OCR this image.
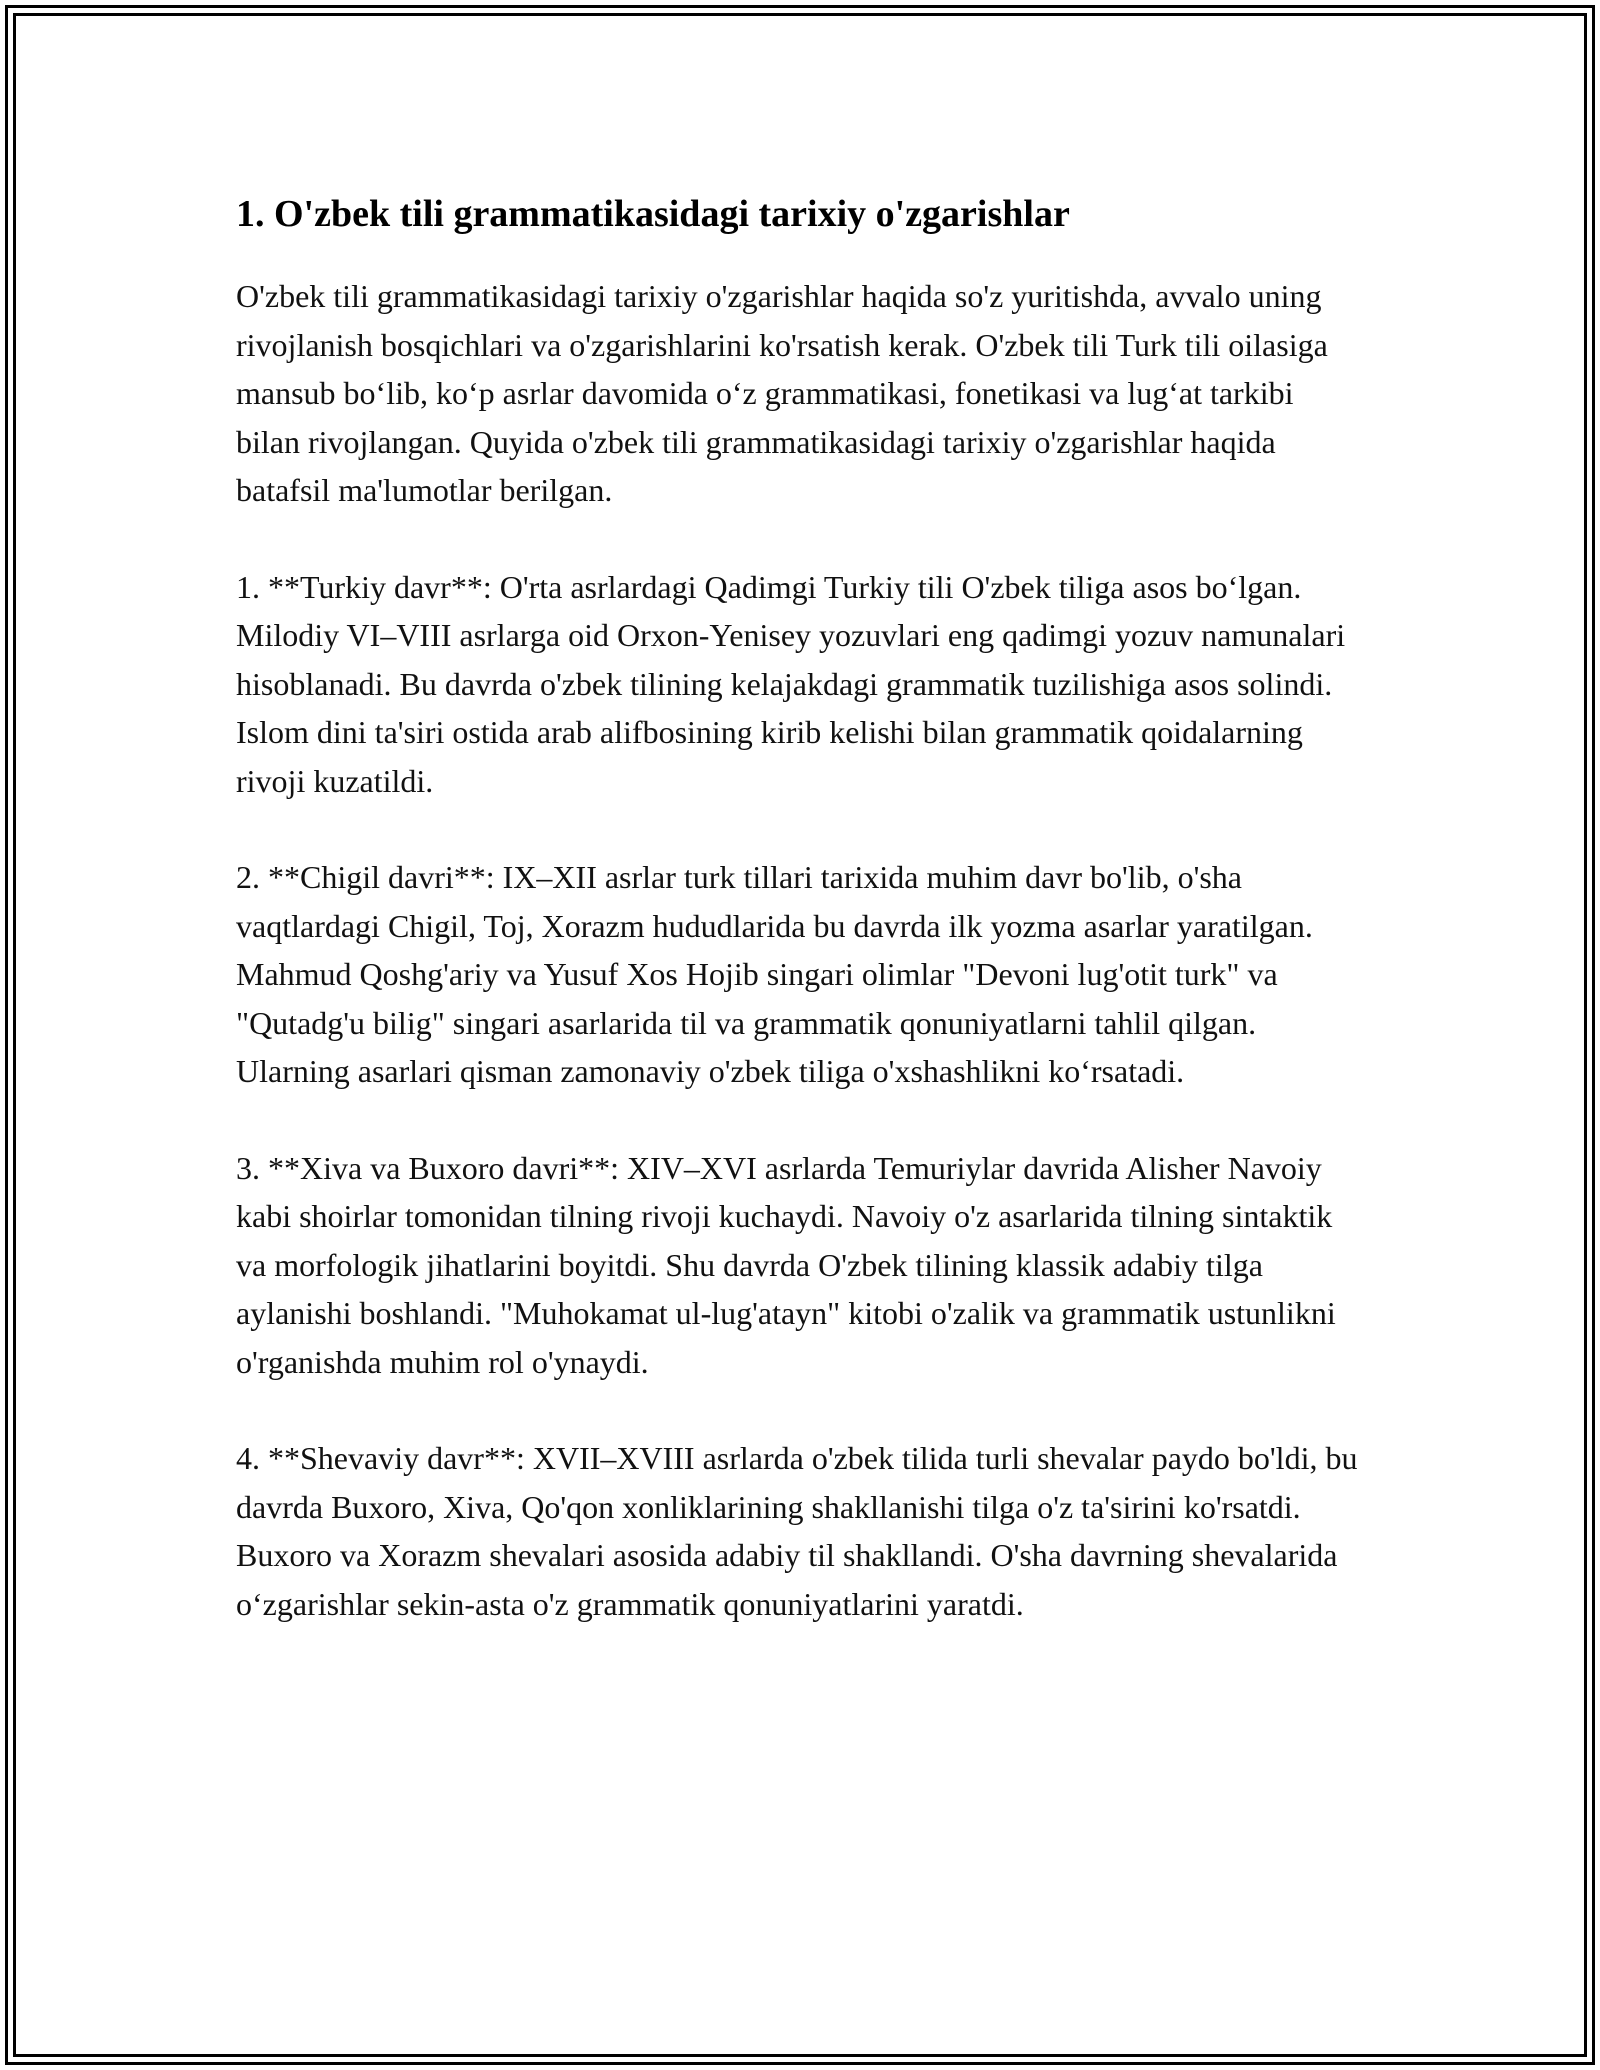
1. O'zbek tili grammatikasidagi tarixiy o'zgarishlar

O'zbek tili grammatikasidagi tarixiy o'zgarishlar haqida so'z yuritishda, avvalo uning rivojlanish bosqichlari va o'zgarishlarini ko'rsatish kerak. O'zbek tili Turk tili oilasiga mansub bo‘lib, ko‘p asrlar davomida o‘z grammatikasi, fonetikasi va lug‘at tarkibi bilan rivojlangan. Quyida o'zbek tili grammatikasidagi tarixiy o'zgarishlar haqida batafsil ma'lumotlar berilgan.

1. **Turkiy davr**: O'rta asrlardagi Qadimgi Turkiy tili O'zbek tiliga asos bo‘lgan. Milodiy VI–VIII asrlarga oid Orxon-Yenisey yozuvlari eng qadimgi yozuv namunalari hisoblanadi. Bu davrda o'zbek tilining kelajakdagi grammatik tuzilishiga asos solindi. Islom dini ta'siri ostida arab alifbosining kirib kelishi bilan grammatik qoidalarning rivoji kuzatildi.

2. **Chigil davri**: IX–XII asrlar turk tillari tarixida muhim davr bo'lib, o'sha vaqtlardagi Chigil, Toj, Xorazm hududlarida bu davrda ilk yozma asarlar yaratilgan. Mahmud Qoshg'ariy va Yusuf Xos Hojib singari olimlar "Devoni lug'otit turk" va "Qutadg'u bilig" singari asarlarida til va grammatik qonuniyatlarni tahlil qilgan. Ularning asarlari qisman zamonaviy o'zbek tiliga o'xshashlikni ko‘rsatadi.

3. **Xiva va Buxoro davri**: XIV–XVI asrlarda Temuriylar davrida Alisher Navoiy kabi shoirlar tomonidan tilning rivoji kuchaydi. Navoiy o'z asarlarida tilning sintaktik va morfologik jihatlarini boyitdi. Shu davrda O'zbek tilining klassik adabiy tilga aylanishi boshlandi. "Muhokamat ul-lug'atayn" kitobi o'zalik va grammatik ustunlikni o'rganishda muhim rol o'ynaydi.

4. **Shevaviy davr**: XVII–XVIII asrlarda o'zbek tilida turli shevalar paydo bo'ldi, bu davrda Buxoro, Xiva, Qo'qon xonliklarining shakllanishi tilga o'z ta'sirini ko'rsatdi. Buxoro va Xorazm shevalari asosida adabiy til shakllandi. O'sha davrning shevalarida o‘zgarishlar sekin-asta o'z grammatik qonuniyatlarini yaratdi.
